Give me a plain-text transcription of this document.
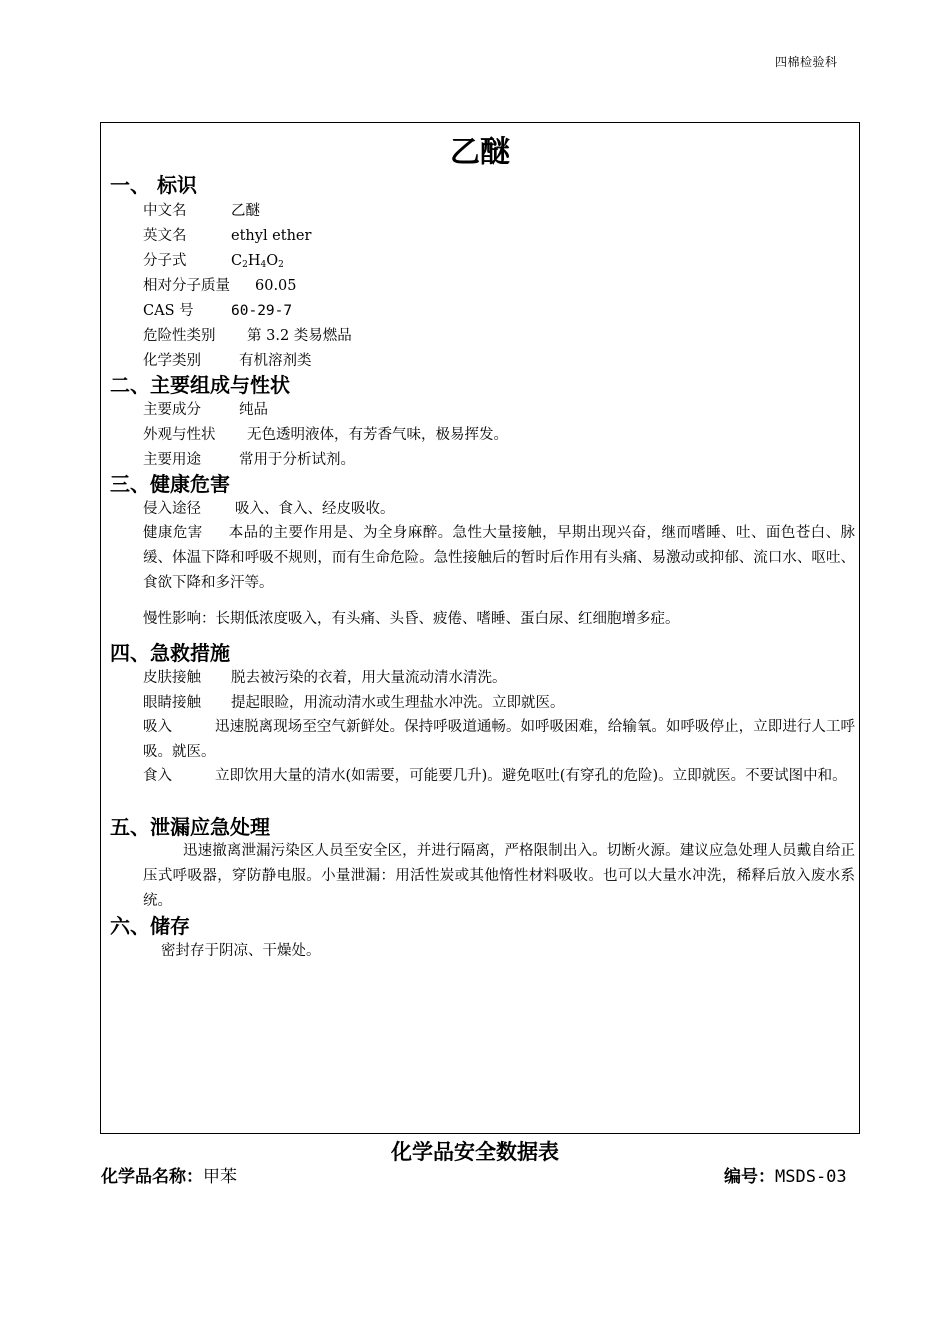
四棉检验科
乙醚
一、 标识
中文名	乙醚
英文名	ethyl ether
分子式	$C_2H_4O_2$
相对分子质量 60.05
CAS 号	60-29-7
危险性类别 第 3.2 类易燃品
化学类别	有机溶剂类
二、主要组成与性状
主要成分	纯品
外观与性状 无色透明液体，有芳香气味，极易挥发。
主要用途	常用于分析试剂。
三、健康危害
侵入途径 吸入、食入、经皮吸收。
健康危害 本品的主要作用是、为全身麻醉。急性大量接触，早期出现兴奋，继而嗜睡、吐、面色苍白、脉缓、体温下降和呼吸不规则，而有生命危险。急性接触后的暂时后作用有头痛、易激动或抑郁、流口水、呕吐、食欲下降和多汗等。
慢性影响：长期低浓度吸入，有头痛、头昏、疲倦、嗜睡、蛋白尿、红细胞增多症。
四、急救措施
皮肤接触 脱去被污染的衣着，用大量流动清水清洗。
眼睛接触 提起眼睑，用流动清水或生理盐水冲洗。立即就医。
吸入	迅速脱离现场至空气新鲜处。保持呼吸道通畅。如呼吸困难，给输氧。如呼吸停止，立即进行人工呼吸。就医。
食入	立即饮用大量的清水(如需要，可能要几升)。避免呕吐(有穿孔的危险)。立即就医。不要试图中和。
五、泄漏应急处理
迅速撤离泄漏污染区人员至安全区，并进行隔离，严格限制出入。切断火源。建议应急处理人员戴自给正压式呼吸器，穿防静电服。小量泄漏：用活性炭或其他惰性材料吸收。也可以大量水冲洗，稀释后放入废水系统。
六、储存
密封存于阴凉、干燥处。
化学品安全数据表
化学品名称：甲苯	编号：MSDS-03
